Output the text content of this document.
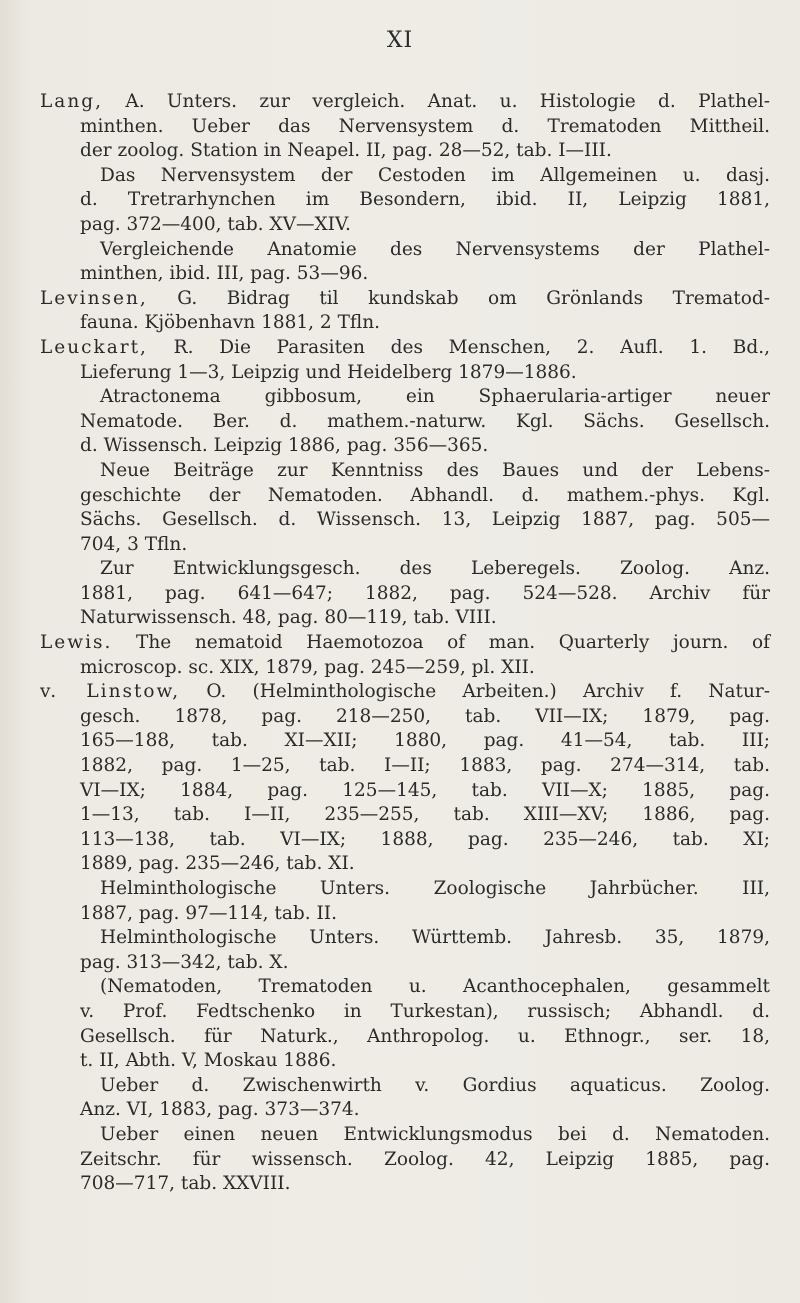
XI
Lang, A. Unters. zur vergleich. Anat. u. Histologie d. Plathel-
minthen. Ueber das Nervensystem d. Trematoden Mittheil.
der zoolog. Station in Neapel. II, pag. 28—52, tab. I—III.
Das Nervensystem der Cestoden im Allgemeinen u. dasj.
d. Tretrarhynchen im Besondern, ibid. II, Leipzig 1881,
pag. 372—400, tab. XV—XIV.
Vergleichende Anatomie des Nervensystems der Plathel-
minthen, ibid. III, pag. 53—96.
Levinsen, G. Bidrag til kundskab om Grönlands Trematod-
fauna. Kjöbenhavn 1881, 2 Tfln.
Leuckart, R. Die Parasiten des Menschen, 2. Aufl. 1. Bd.,
Lieferung 1—3, Leipzig und Heidelberg 1879—1886.
Atractonema gibbosum, ein Sphaerularia-artiger neuer
Nematode. Ber. d. mathem.-naturw. Kgl. Sächs. Gesellsch.
d. Wissensch. Leipzig 1886, pag. 356—365.
Neue Beiträge zur Kenntniss des Baues und der Lebens-
geschichte der Nematoden. Abhandl. d. mathem.-phys. Kgl.
Sächs. Gesellsch. d. Wissensch. 13, Leipzig 1887, pag. 505—
704, 3 Tfln.
Zur Entwicklungsgesch. des Leberegels. Zoolog. Anz.
1881, pag. 641—647; 1882, pag. 524—528. Archiv für
Naturwissensch. 48, pag. 80—119, tab. VIII.
Lewis. The nematoid Haemotozoa of man. Quarterly journ. of
microscop. sc. XIX, 1879, pag. 245—259, pl. XII.
v. Linstow, O. (Helminthologische Arbeiten.) Archiv f. Natur-
gesch. 1878, pag. 218—250, tab. VII—IX; 1879, pag.
165—188, tab. XI—XII; 1880, pag. 41—54, tab. III;
1882, pag. 1—25, tab. I—II; 1883, pag. 274—314, tab.
VI—IX; 1884, pag. 125—145, tab. VII—X; 1885, pag.
1—13, tab. I—II, 235—255, tab. XIII—XV; 1886, pag.
113—138, tab. VI—IX; 1888, pag. 235—246, tab. XI;
1889, pag. 235—246, tab. XI.
Helminthologische Unters. Zoologische Jahrbücher. III,
1887, pag. 97—114, tab. II.
Helminthologische Unters. Württemb. Jahresb. 35, 1879,
pag. 313—342, tab. X.
(Nematoden, Trematoden u. Acanthocephalen, gesammelt
v. Prof. Fedtschenko in Turkestan), russisch; Abhandl. d.
Gesellsch. für Naturk., Anthropolog. u. Ethnogr., ser. 18,
t. II, Abth. V, Moskau 1886.
Ueber d. Zwischenwirth v. Gordius aquaticus. Zoolog.
Anz. VI, 1883, pag. 373—374.
Ueber einen neuen Entwicklungsmodus bei d. Nematoden.
Zeitschr. für wissensch. Zoolog. 42, Leipzig 1885, pag.
708—717, tab. XXVIII.
